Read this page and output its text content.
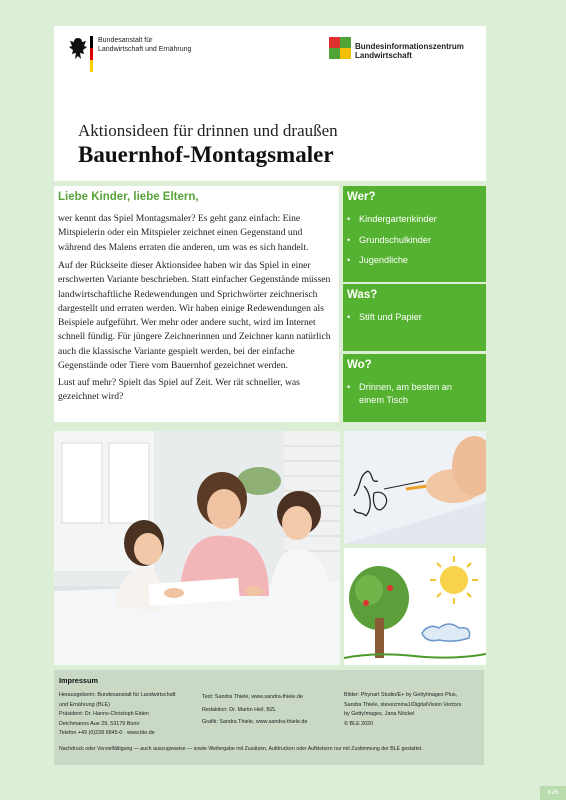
Bundesanstalt für
Landwirtschaft und Ernährung	Bundesinformationszentrum
Landwirtschaft
Aktionsideen für drinnen und draußen
Bauernhof-Montagsmaler
Liebe Kinder, liebe Eltern,

wer kennt das Spiel Montagsmaler? Es geht ganz einfach: Eine Mitspielerin oder ein Mitspieler zeichnet einen Gegenstand und während des Malens erraten die anderen, um was es sich handelt.

Auf der Rückseite dieser Aktionsidee haben wir das Spiel in einer erschwerten Variante beschrieben. Statt einfacher Gegenstände müssen landwirtschaftliche Redewendungen und Sprichwörter zeichnerisch dargestellt und erraten werden. Wir haben einige Redewendungen als Beispiele aufgeführt. Wer mehr oder andere sucht, wird im Internet schnell fündig. Für jüngere Zeichnerinnen und Zeichner kann natürlich auch die klassische Variante gespielt werden, bei der einfache Gegenstände oder Tiere vom Bauernhof gezeichnet werden.

Lust auf mehr? Spielt das Spiel auf Zeit. Wer rät schneller, was gezeichnet wird?

Wer?
• Kindergartenkinder
• Grundschulkinder
• Jugendliche
Was?
• Stift und Papier
Wo?
• Drinnen, am besten an einem Tisch
Impressum

Herausgeberin: Bundesanstalt für Landwirtschaft
und Ernährung (BLE)
Präsident: Dr. Hanns-Christoph Eiden
Deichmanns Aue 29, 53179 Bonn
Telefon +49 (0)228 6845-0 · www.ble.de

Text: Sandra Thiele, www.sandra-thiele.de
Redaktion: Dr. Martin Heil, BZL
Grafik: Sandra Thiele, www.sandra-thiele.de

Bilder: Phynart Studio/E+ by GettyImages Plus,
Sandra Thiele, stevezmina1/DigitalVision Vectors
by GettyImages, Jana Nöckel
© BLE 2020

Nachdruck oder Vervielfältigung — auch auszugsweise — sowie Weitergabe mit Zusätzen, Aufdrucken oder Aufklebern nur mit Zustimmung der BLE gestattet.
K26
